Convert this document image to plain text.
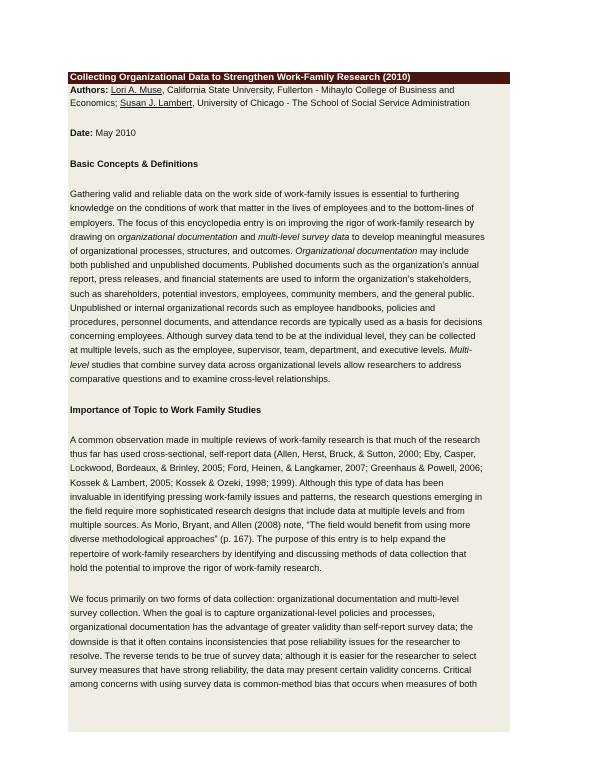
Collecting Organizational Data to Strengthen Work-Family Research (2010)
Authors: Lori A. Muse, California State University, Fullerton - Mihaylo College of Business and
Economics; Susan J. Lambert, University of Chicago - The School of Social Service Administration
Date: May 2010
Basic Concepts & Definitions
Gathering valid and reliable data on the work side of work-family issues is essential to furthering
knowledge on the conditions of work that matter in the lives of employees and to the bottom-lines of
employers. The focus of this encyclopedia entry is on improving the rigor of work-family research by
drawing on organizational documentation and multi-level survey data to develop meaningful measures
of organizational processes, structures, and outcomes. Organizational documentation may include
both published and unpublished documents. Published documents such as the organization’s annual
report, press releases, and financial statements are used to inform the organization’s stakeholders,
such as shareholders, potential investors, employees, community members, and the general public.
Unpublished or internal organizational records such as employee handbooks, policies and
procedures, personnel documents, and attendance records are typically used as a basis for decisions
concerning employees. Although survey data tend to be at the individual level, they can be collected
at multiple levels, such as the employee, supervisor, team, department, and executive levels. Multi-
level studies that combine survey data across organizational levels allow researchers to address
comparative questions and to examine cross-level relationships.
Importance of Topic to Work Family Studies
A common observation made in multiple reviews of work-family research is that much of the research
thus far has used cross-sectional, self-report data (Allen, Herst, Bruck, & Sutton, 2000; Eby, Casper,
Lockwood, Bordeaux, & Brinley, 2005; Ford, Heinen, & Langkamer, 2007; Greenhaus & Powell, 2006;
Kossek & Lambert, 2005; Kossek & Ozeki, 1998; 1999). Although this type of data has been
invaluable in identifying pressing work-family issues and patterns, the research questions emerging in
the field require more sophisticated research designs that include data at multiple levels and from
multiple sources. As Morio, Bryant, and Allen (2008) note, “The field would benefit from using more
diverse methodological approaches” (p. 167). The purpose of this entry is to help expand the
repertoire of work-family researchers by identifying and discussing methods of data collection that
hold the potential to improve the rigor of work-family research.
We focus primarily on two forms of data collection: organizational documentation and multi-level
survey collection. When the goal is to capture organizational-level policies and processes,
organizational documentation has the advantage of greater validity than self-report survey data; the
downside is that it often contains inconsistencies that pose reliability issues for the researcher to
resolve. The reverse tends to be true of survey data; although it is easier for the researcher to select
survey measures that have strong reliability, the data may present certain validity concerns. Critical
among concerns with using survey data is common-method bias that occurs when measures of both
